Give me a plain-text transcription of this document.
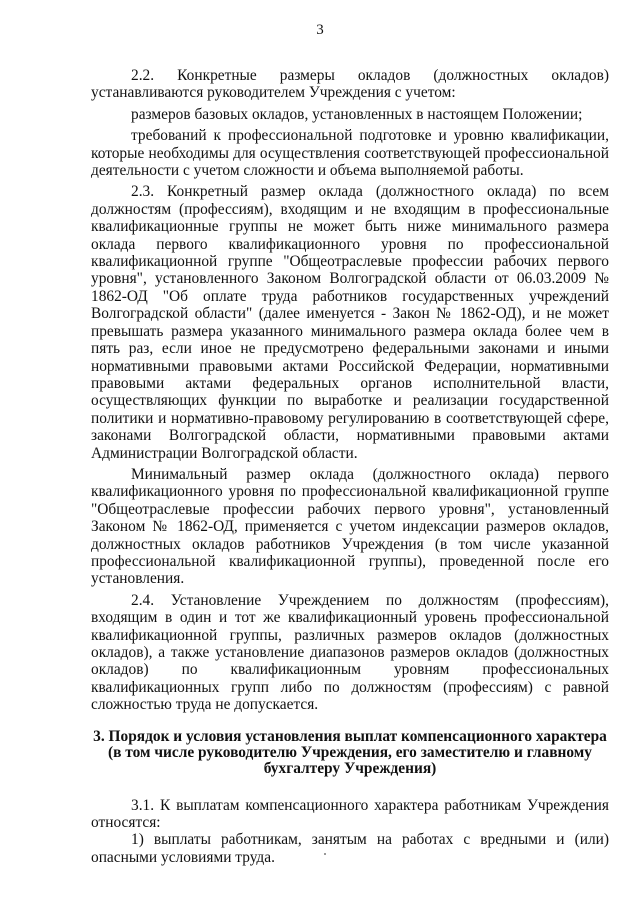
3

2.2. Конкретные размеры окладов (должностных окладов) устанавливаются руководителем Учреждения с учетом:

размеров базовых окладов, установленных в настоящем Положении;

требований к профессиональной подготовке и уровню квалификации, которые необходимы для осуществления соответствующей профессиональной деятельности с учетом сложности и объема выполняемой работы.

2.3. Конкретный размер оклада (должностного оклада) по всем должностям (профессиям), входящим и не входящим в профессиональные квалификационные группы не может быть ниже минимального размера оклада первого квалификационного уровня по профессиональной квалификационной группе "Общеотраслевые профессии рабочих первого уровня", установленного Законом Волгоградской области от 06.03.2009 № 1862-ОД "Об оплате труда работников государственных учреждений Волгоградской области" (далее именуется - Закон № 1862-ОД), и не может превышать размера указанного минимального размера оклада более чем в пять раз, если иное не предусмотрено федеральными законами и иными нормативными правовыми актами Российской Федерации, нормативными правовыми актами федеральных органов исполнительной власти, осуществляющих функции по выработке и реализации государственной политики и нормативно-правовому регулированию в соответствующей сфере, законами Волгоградской области, нормативными правовыми актами Администрации Волгоградской области.

Минимальный размер оклада (должностного оклада) первого квалификационного уровня по профессиональной квалификационной группе "Общеотраслевые профессии рабочих первого уровня", установленный Законом № 1862-ОД, применяется с учетом индексации размеров окладов, должностных окладов работников Учреждения (в том числе указанной профессиональной квалификационной группы), проведенной после его установления.

2.4. Установление Учреждением по должностям (профессиям), входящим в один и тот же квалификационный уровень профессиональной квалификационной группы, различных размеров окладов (должностных окладов), а также установление диапазонов размеров окладов (должностных окладов) по квалификационным уровням профессиональных квалификационных групп либо по должностям (профессиям) с равной сложностью труда не допускается.

3. Порядок и условия установления выплат компенсационного характера (в том числе руководителю Учреждения, его заместителю и главному бухгалтеру Учреждения)

3.1. К выплатам компенсационного характера работникам Учреждения относятся:

1) выплаты работникам, занятым на работах с вредными и (или) опасными условиями труда.
